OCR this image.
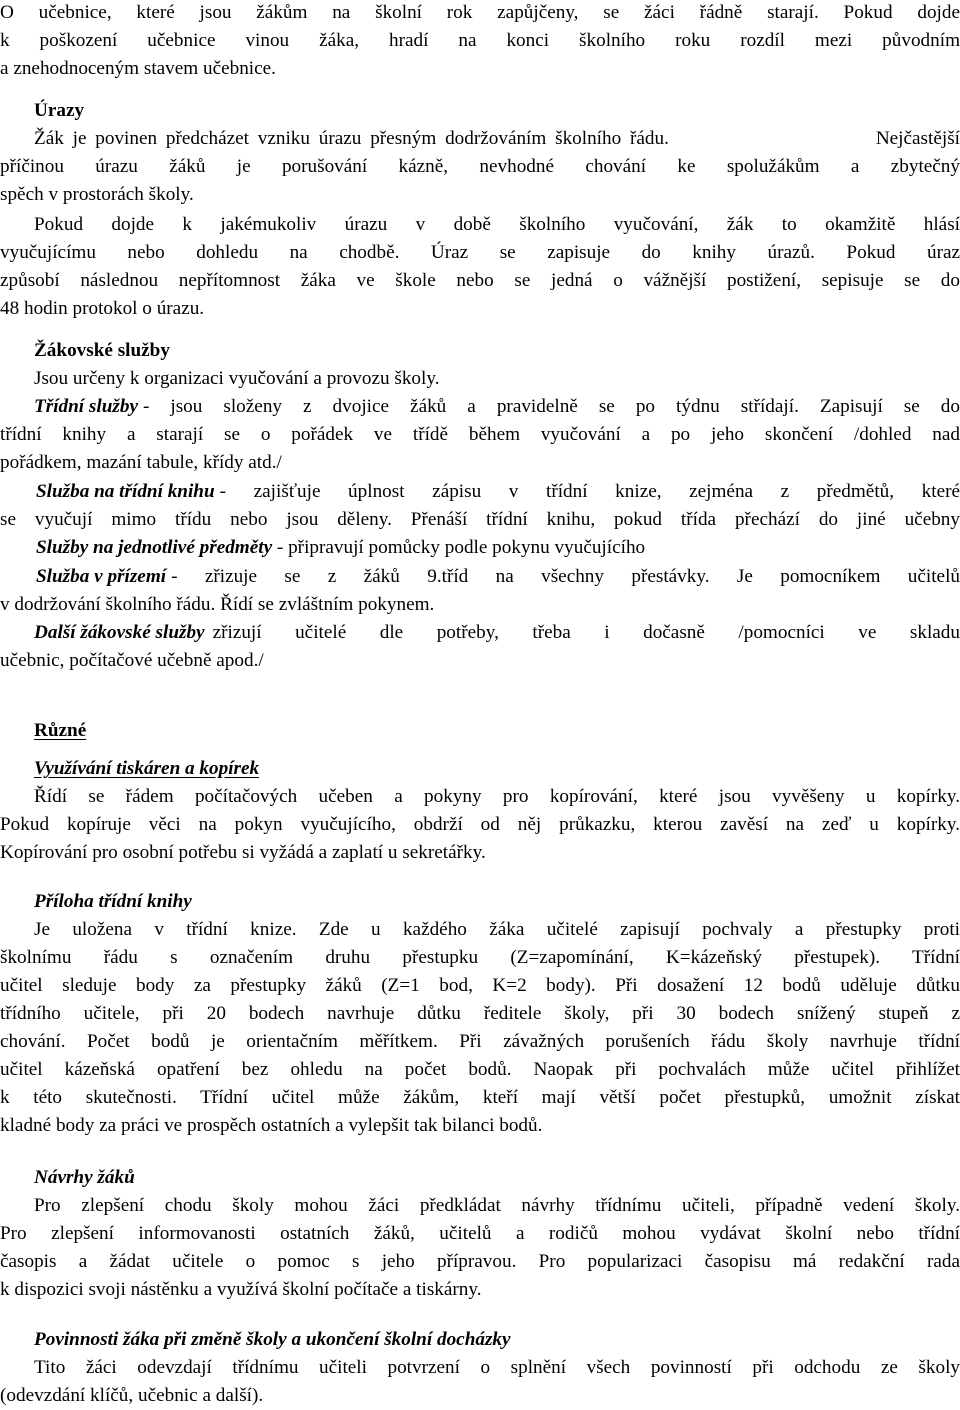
O učebnice, které jsou žákům na školní rok zapůjčeny, se žáci řádně starají. Pokud dojde

k poškození učebnice vinou žáka, hradí na konci školního roku rozdíl mezi původním

a znehodnoceným stavem učebnice.

Úrazy

Žák je povinen předcházet vzniku úrazu přesným dodržováním školního řádu.	Nejčastější

příčinou úrazu žáků je porušování kázně, nevhodné chování ke spolužákům a zbytečný

spěch v prostorách školy.

Pokud dojde k jakémukoliv úrazu v době školního vyučování, žák to okamžitě hlásí

vyučujícímu nebo dohledu na chodbě. Úraz se zapisuje do knihy úrazů. Pokud úraz

způsobí následnou nepřítomnost žáka ve škole nebo se jedná o vážnější postižení, sepisuje se do

48 hodin protokol o úrazu.

Žákovské služby

Jsou určeny k organizaci vyučování a provozu školy.

Třídní služby - jsou složeny z dvojice žáků a pravidelně se po týdnu střídají. Zapisují se do

třídní knihy a starají se o pořádek ve třídě během vyučování a po jeho skončení /dohled nad

pořádkem, mazání tabule, křídy atd./

Služba na třídní knihu - zajišťuje úplnost zápisu v třídní knize, zejména z předmětů, které

se vyučují mimo třídu nebo jsou děleny. Přenáší třídní knihu, pokud třída přechází do jiné učebny

Služby na jednotlivé předměty - připravují pomůcky podle pokynu vyučujícího

Služba v přízemí - zřizuje se z žáků 9.tříd na všechny přestávky. Je pomocníkem učitelů

v dodržování školního řádu. Řídí se zvláštním pokynem.

Další žákovské služby zřizují učitelé dle potřeby, třeba i dočasně /pomocníci ve skladu

učebnic, počítačové učebně apod./

Různé

Využívání tiskáren a kopírek

Řídí se řádem počítačových učeben a pokyny pro kopírování, které jsou vyvěšeny u kopírky.

Pokud kopíruje věci na pokyn vyučujícího, obdrží od něj průkazku, kterou zavěsí na zeď u kopírky.

Kopírování pro osobní potřebu si vyžádá a zaplatí u sekretářky.

Příloha třídní knihy

Je uložena v třídní knize. Zde u každého žáka učitelé zapisují pochvaly a přestupky proti

školnímu řádu s označením druhu přestupku (Z=zapomínání, K=kázeňský přestupek). Třídní

učitel sleduje body za přestupky žáků (Z=1 bod, K=2 body). Při dosažení 12 bodů uděluje důtku

třídního učitele, při 20 bodech navrhuje důtku ředitele školy, při 30 bodech snížený stupeň z

chování. Počet bodů je orientačním měřítkem. Při závažných porušeních řádu školy navrhuje třídní

učitel kázeňská opatření bez ohledu na počet bodů. Naopak při pochvalách může učitel přihlížet

k této skutečnosti. Třídní učitel může žákům, kteří mají větší počet přestupků, umožnit získat

kladné body za práci ve prospěch ostatních a vylepšit tak bilanci bodů.

Návrhy žáků

Pro zlepšení chodu školy mohou žáci předkládat návrhy třídnímu učiteli, případně vedení školy.

Pro zlepšení informovanosti ostatních žáků, učitelů a rodičů mohou vydávat školní nebo třídní

časopis a žádat učitele o pomoc s jeho přípravou. Pro popularizaci časopisu má redakční rada

k dispozici svoji nástěnku a využívá školní počítače a tiskárny.

Povinnosti žáka při změně školy a ukončení školní docházky

Tito žáci odevzdají třídnímu učiteli potvrzení o splnění všech povinností při odchodu ze školy

(odevzdání klíčů, učebnic a další).
